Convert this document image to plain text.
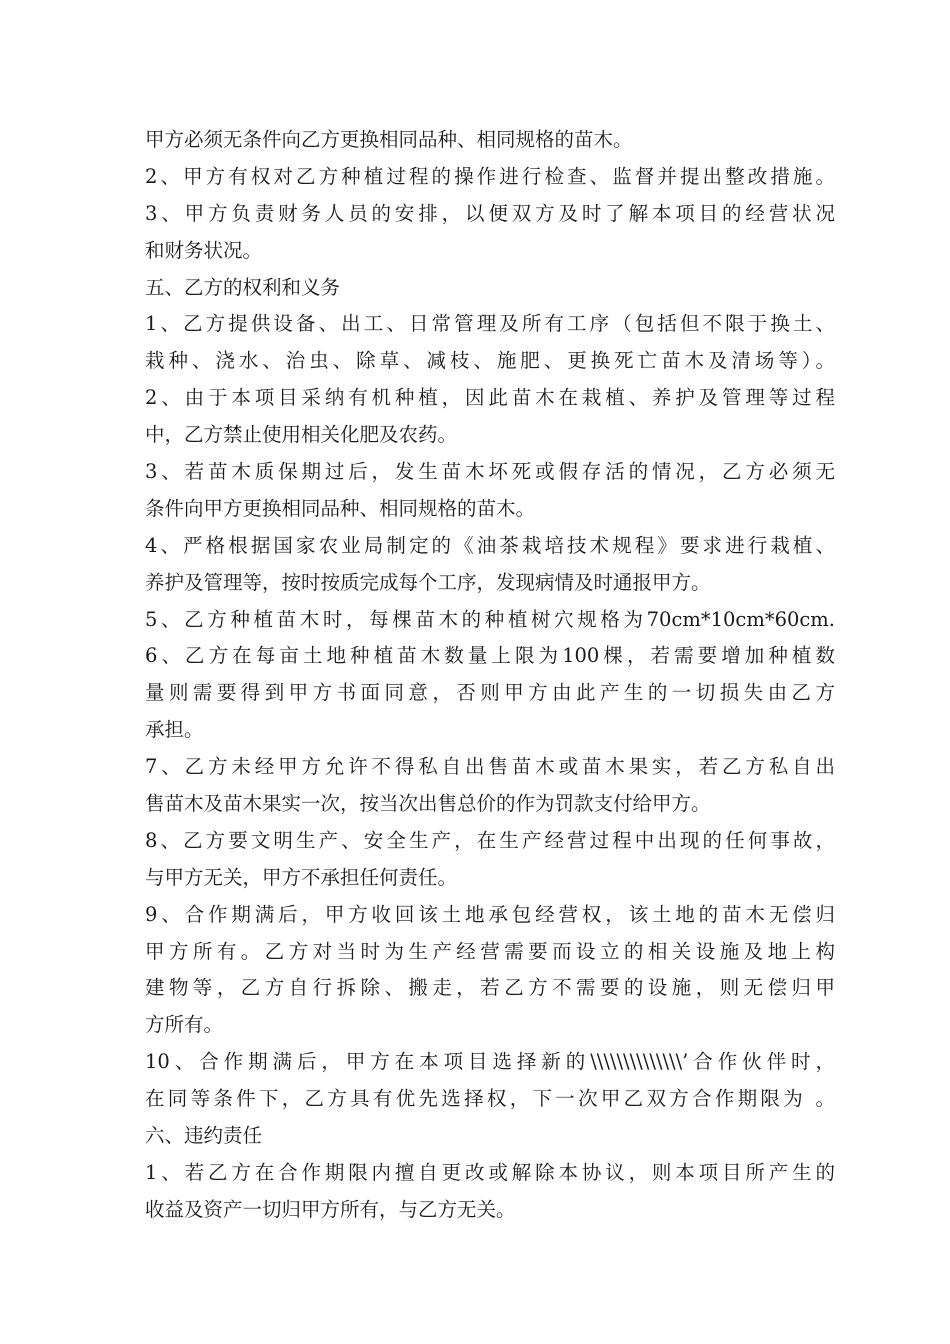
甲方必须无条件向乙方更换相同品种、相同规格的苗木。
2、甲方有权对乙方种植过程的操作进行检查、监督并提出整改措施。
3、甲方负责财务人员的安排，以便双方及时了解本项目的经营状况
和财务状况。
五、乙方的权利和义务
1、乙方提供设备、出工、日常管理及所有工序（包括但不限于换土、
栽种、浇水、治虫、除草、减枝、施肥、更换死亡苗木及清场等）。
2、由于本项目采纳有机种植，因此苗木在栽植、养护及管理等过程
中，乙方禁止使用相关化肥及农药。
3、若苗木质保期过后，发生苗木坏死或假存活的情况，乙方必须无
条件向甲方更换相同品种、相同规格的苗木。
4、严格根据国家农业局制定的《油茶栽培技术规程》要求进行栽植、
养护及管理等，按时按质完成每个工序，发现病情及时通报甲方。
5、乙方种植苗木时，每棵苗木的种植树穴规格为70cm*10cm*60cm.
6、乙方在每亩土地种植苗木数量上限为100棵，若需要增加种植数
量则需要得到甲方书面同意，否则甲方由此产生的一切损失由乙方
承担。
7、乙方未经甲方允许不得私自出售苗木或苗木果实，若乙方私自出
售苗木及苗木果实一次，按当次出售总价的作为罚款支付给甲方。
8、乙方要文明生产、安全生产，在生产经营过程中出现的任何事故，
与甲方无关，甲方不承担任何责任。
9、合作期满后，甲方收回该土地承包经营权，该土地的苗木无偿归
甲方所有。乙方对当时为生产经营需要而设立的相关设施及地上构
建物等，乙方自行拆除、搬走，若乙方不需要的设施，则无偿归甲
方所有。
10、合作期满后，甲方在本项目选择新的\\\\\\\\\\\\\\’合作伙伴时，
在同等条件下，乙方具有优先选择权，下一次甲乙双方合作期限为 。
六、违约责任
1、若乙方在合作期限内擅自更改或解除本协议，则本项目所产生的
收益及资产一切归甲方所有，与乙方无关。
